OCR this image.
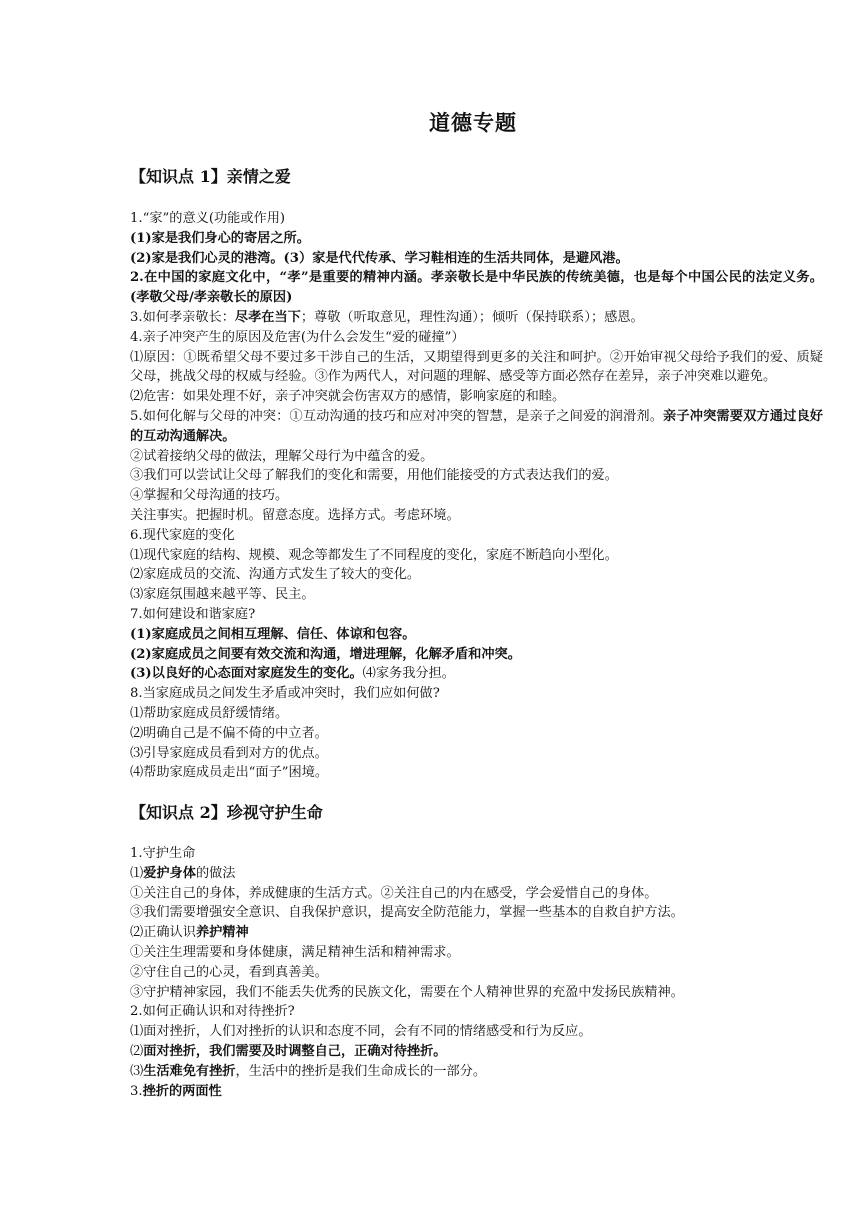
道德专题
【知识点 1】亲情之爱
1.“家”的意义(功能或作用)
(1)家是我们身心的寄居之所。
(2)家是我们心灵的港湾。(3）家是代代传承、学习鞋相连的生活共同体，是避风港。
2.在中国的家庭文化中，“孝”是重要的精神内涵。孝亲敬长是中华民族的传统美德，也是每个中国公民的法定义务。(孝敬父母/孝亲敬长的原因)
3.如何孝亲敬长：尽孝在当下；尊敬（听取意见，理性沟通）；倾听（保持联系）；感恩。
4.亲子冲突产生的原因及危害(为什么会发生“爱的碰撞”）
⑴原因：①既希望父母不要过多干涉自己的生活，又期望得到更多的关注和呵护。②开始审视父母给予我们的爱、质疑父母，挑战父母的权威与经验。③作为两代人，对问题的理解、感受等方面必然存在差异，亲子冲突难以避免。
⑵危害：如果处理不好，亲子冲突就会伤害双方的感情，影响家庭的和睦。
5.如何化解与父母的冲突：①互动沟通的技巧和应对冲突的智慧，是亲子之间爱的润滑剂。亲子冲突需要双方通过良好的互动沟通解决。
②试着接纳父母的做法，理解父母行为中蕴含的爱。
③我们可以尝试让父母了解我们的变化和需要，用他们能接受的方式表达我们的爱。
④掌握和父母沟通的技巧。
关注事实。把握时机。留意态度。选择方式。考虑环境。
6.现代家庭的变化
⑴现代家庭的结构、规模、观念等都发生了不同程度的变化，家庭不断趋向小型化。
⑵家庭成员的交流、沟通方式发生了较大的变化。
⑶家庭氛围越来越平等、民主。
7.如何建设和谐家庭?
(1)家庭成员之间相互理解、信任、体谅和包容。
(2)家庭成员之间要有效交流和沟通，增进理解，化解矛盾和冲突。
(3)以良好的心态面对家庭发生的变化。⑷家务我分担。
8.当家庭成员之间发生矛盾或冲突时，我们应如何做?
⑴帮助家庭成员舒缓情绪。
⑵明确自己是不偏不倚的中立者。
⑶引导家庭成员看到对方的优点。
⑷帮助家庭成员走出“面子”困境。
【知识点 2】珍视守护生命
1.守护生命
⑴爱护身体的做法
①关注自己的身体，养成健康的生活方式。②关注自己的内在感受，学会爱惜自己的身体。
③我们需要增强安全意识、自我保护意识，提高安全防范能力，掌握一些基本的自救自护方法。
⑵正确认识养护精神
①关注生理需要和身体健康，满足精神生活和精神需求。
②守住自己的心灵，看到真善美。
③守护精神家园，我们不能丢失优秀的民族文化，需要在个人精神世界的充盈中发扬民族精神。
2.如何正确认识和对待挫折?
⑴面对挫折，人们对挫折的认识和态度不同，会有不同的情绪感受和行为反应。
⑵面对挫折，我们需要及时调整自己，正确对待挫折。
⑶生活难免有挫折，生活中的挫折是我们生命成长的一部分。
3.挫折的两面性
